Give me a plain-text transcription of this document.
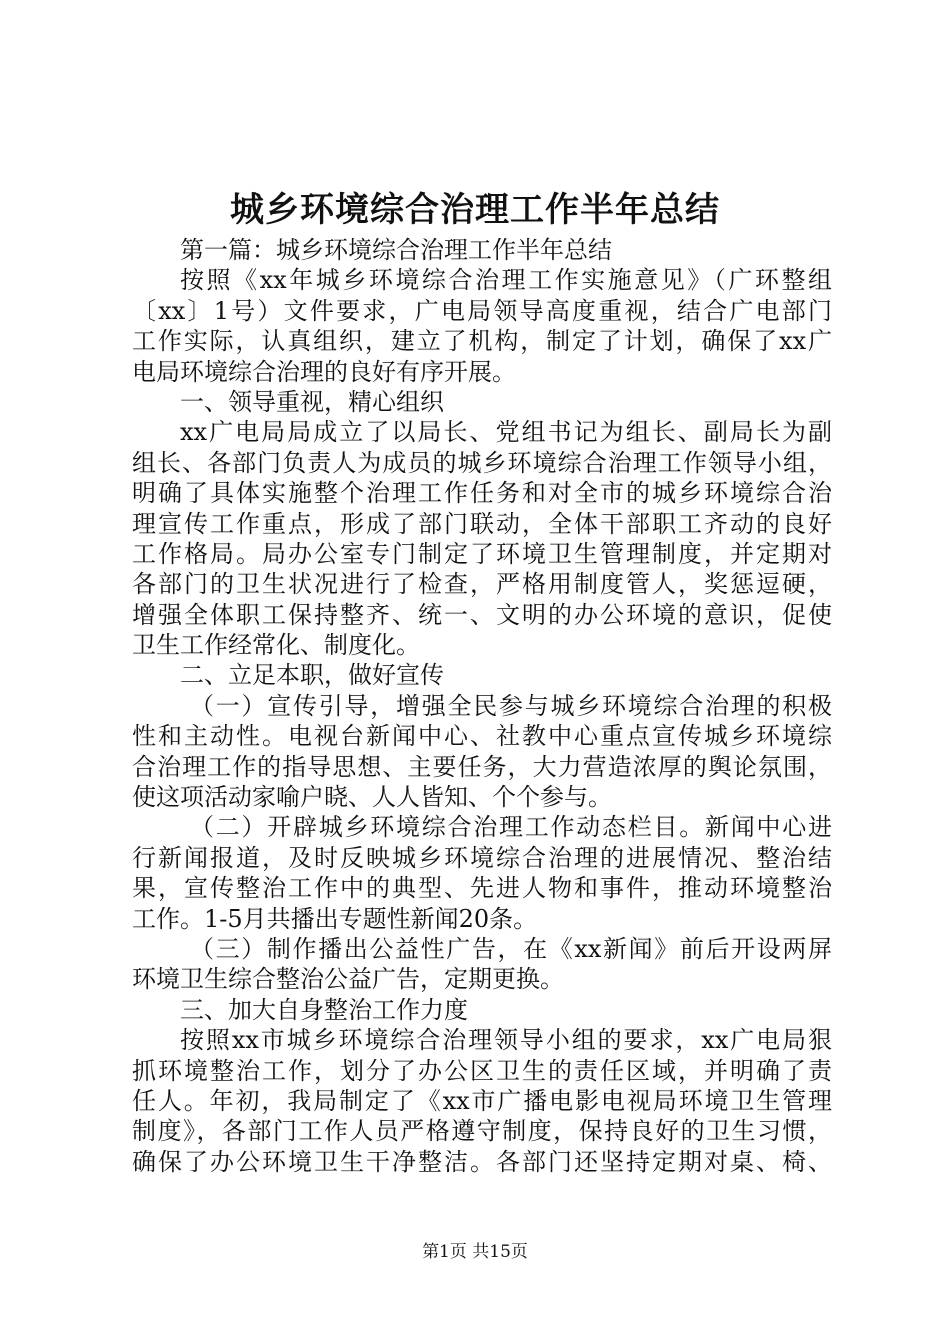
城乡环境综合治理工作半年总结
第一篇：城乡环境综合治理工作半年总结
按照《xx年城乡环境综合治理工作实施意见》（广环整组
〔xx〕1号）文件要求，广电局领导高度重视，结合广电部门
工作实际，认真组织，建立了机构，制定了计划，确保了xx广
电局环境综合治理的良好有序开展。
一、领导重视，精心组织
xx广电局局成立了以局长、党组书记为组长、副局长为副
组长、各部门负责人为成员的城乡环境综合治理工作领导小组，
明确了具体实施整个治理工作任务和对全市的城乡环境综合治
理宣传工作重点，形成了部门联动，全体干部职工齐动的良好
工作格局。局办公室专门制定了环境卫生管理制度，并定期对
各部门的卫生状况进行了检查，严格用制度管人，奖惩逗硬，
增强全体职工保持整齐、统一、文明的办公环境的意识，促使
卫生工作经常化、制度化。
二、立足本职，做好宣传
（一）宣传引导，增强全民参与城乡环境综合治理的积极
性和主动性。电视台新闻中心、社教中心重点宣传城乡环境综
合治理工作的指导思想、主要任务，大力营造浓厚的舆论氛围，
使这项活动家喻户晓、人人皆知、个个参与。
（二）开辟城乡环境综合治理工作动态栏目。新闻中心进
行新闻报道，及时反映城乡环境综合治理的进展情况、整治结
果，宣传整治工作中的典型、先进人物和事件，推动环境整治
工作。1-5月共播出专题性新闻20条。
（三）制作播出公益性广告，在《xx新闻》前后开设两屏
环境卫生综合整治公益广告，定期更换。
三、加大自身整治工作力度
按照xx市城乡环境综合治理领导小组的要求，xx广电局狠
抓环境整治工作，划分了办公区卫生的责任区域，并明确了责
任人。年初，我局制定了《xx市广播电影电视局环境卫生管理
制度》，各部门工作人员严格遵守制度，保持良好的卫生习惯，
确保了办公环境卫生干净整洁。各部门还坚持定期对桌、椅、
第1页 共15页
